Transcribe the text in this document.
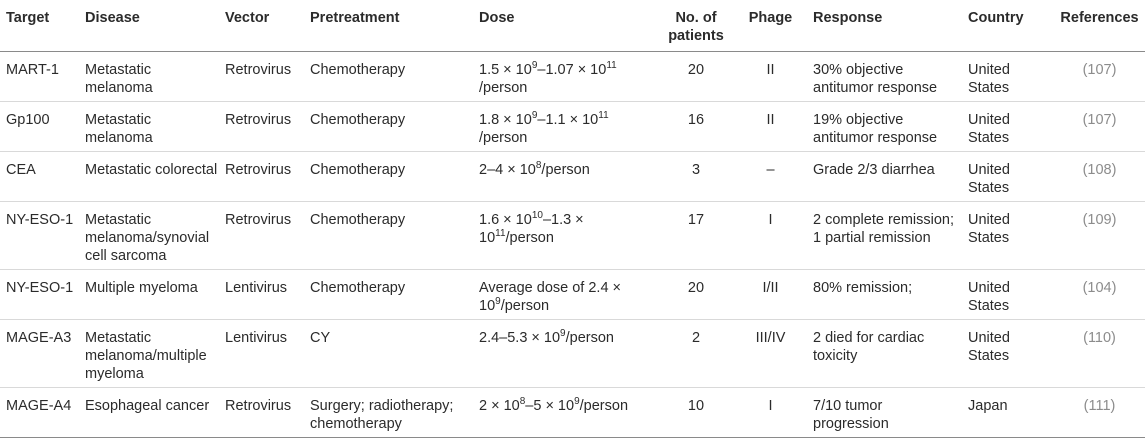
Target	Disease	Vector	Pretreatment	Dose	No. of patients	Phage	Response	Country	References
MART-1	Metastatic melanoma	Retrovirus	Chemotherapy	$1.5 \times 10^9-1.07 \times 10^{11}$ /person	20	II	30% objective antitumor response	United States	(107)
Gp100	Metastatic melanoma	Retrovirus	Chemotherapy	$1.8 \times 10^9-1.1 \times 10^{11}$ /person	16	II	19% objective antitumor response	United States	(107)
CEA	Metastatic colorectal	Retrovirus	Chemotherapy	$2-4 \times 10^8$/person	3	–	Grade 2/3 diarrhea	United States	(108)
NY-ESO-1	Metastatic melanoma/synovial cell sarcoma	Retrovirus	Chemotherapy	$1.6 \times 10^{10}-1.3$ × $10^{11}$/person	17	I	2 complete remission; 1 partial remission	United States	(109)
NY-ESO-1	Multiple myeloma	Lentivirus	Chemotherapy	Average dose of $2.4 \times 10^9$/person	20	I/II	80% remission;	United States	(104)
MAGE-A3	Metastatic melanoma/multiple myeloma	Lentivirus	CY	$2.4-5.3 \times 10^9$/person	2	III/IV	2 died for cardiac toxicity	United States	(110)
MAGE-A4	Esophageal cancer	Retrovirus	Surgery; radiotherapy; chemotherapy	$2 \times 10^8-5$ × $10^9$/person	10	I	7/10 tumor progression	Japan	(111)
